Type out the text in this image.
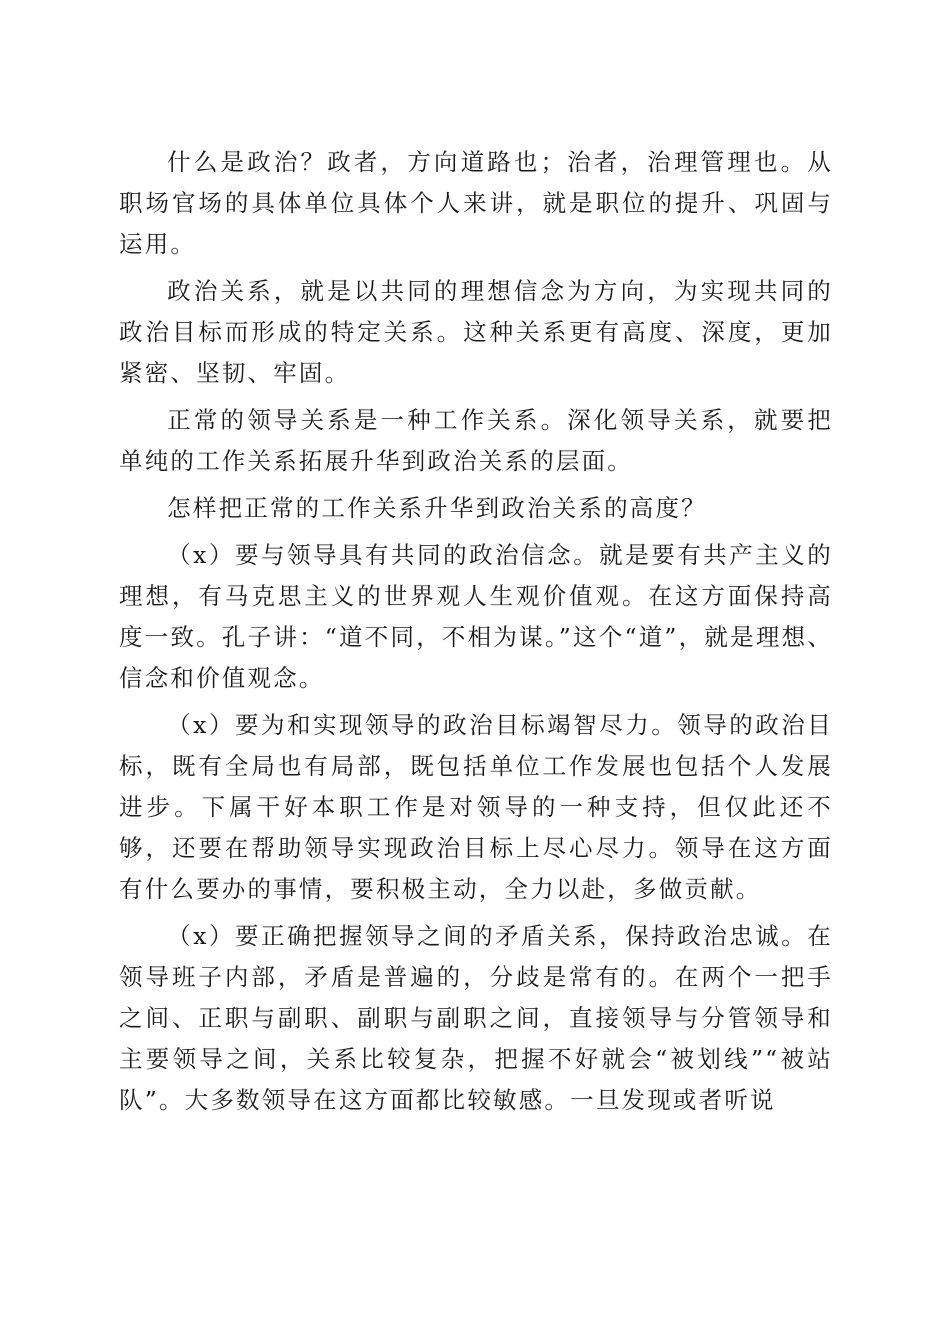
什么是政治？政者，方向道路也；治者，治理管理也。从职场官场的具体单位具体个人来讲，就是职位的提升、巩固与运用。

政治关系，就是以共同的理想信念为方向，为实现共同的政治目标而形成的特定关系。这种关系更有高度、深度，更加紧密、坚韧、牢固。

正常的领导关系是一种工作关系。深化领导关系，就要把单纯的工作关系拓展升华到政治关系的层面。

怎样把正常的工作关系升华到政治关系的高度？

（x）要与领导具有共同的政治信念。就是要有共产主义的理想，有马克思主义的世界观人生观价值观。在这方面保持高度一致。孔子讲：“道不同，不相为谋。”这个“道”，就是理想、信念和价值观念。

（x）要为和实现领导的政治目标竭智尽力。领导的政治目标，既有全局也有局部，既包括单位工作发展也包括个人发展进步。下属干好本职工作是对领导的一种支持，但仅此还不够，还要在帮助领导实现政治目标上尽心尽力。领导在这方面有什么要办的事情，要积极主动，全力以赴，多做贡献。

（x）要正确把握领导之间的矛盾关系，保持政治忠诚。在领导班子内部，矛盾是普遍的，分歧是常有的。在两个一把手之间、正职与副职、副职与副职之间，直接领导与分管领导和主要领导之间，关系比较复杂，把握不好就会“被划线”“被站队”。大多数领导在这方面都比较敏感。一旦发现或者听说
